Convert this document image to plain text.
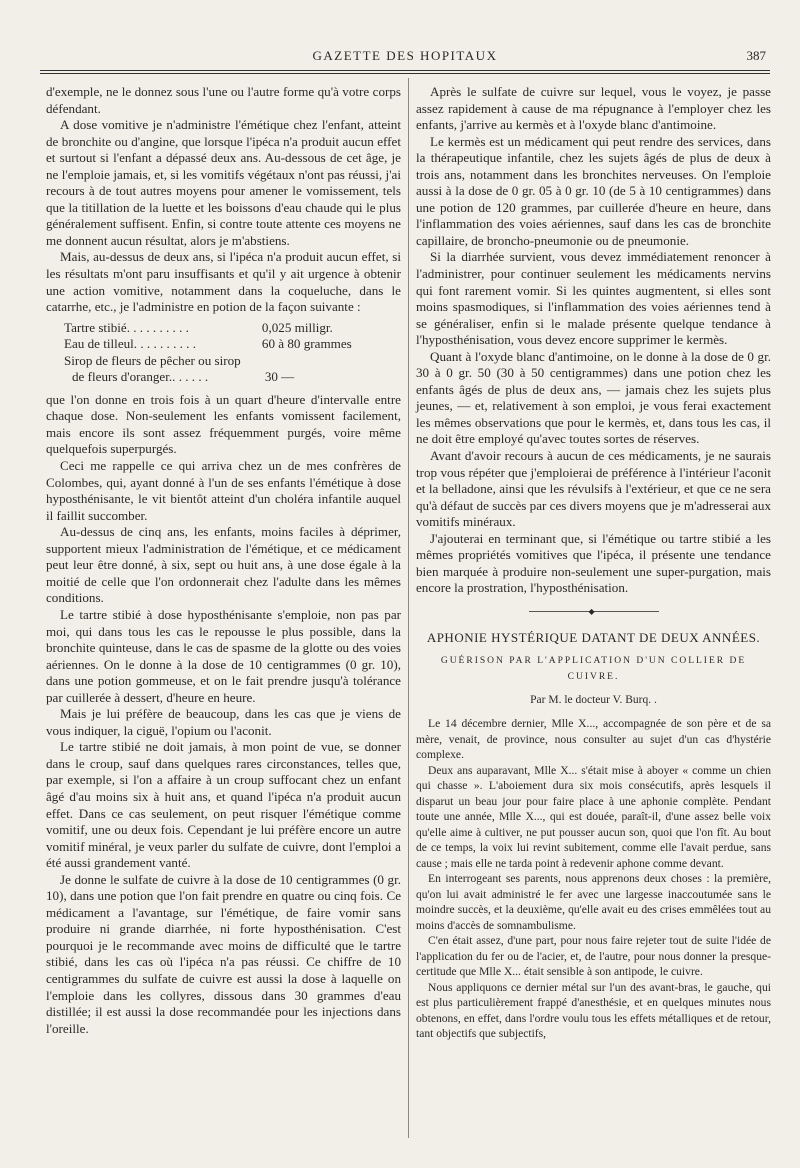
GAZETTE DES HOPITAUX	387

d'exemple, ne le donnez sous l'une ou l'autre forme qu'à votre corps défendant.

A dose vomitive je n'administre l'émétique chez l'enfant, atteint de bronchite ou d'angine, que lorsque l'ipéca n'a produit aucun effet et surtout si l'enfant a dépassé deux ans. Au-dessous de cet âge, je ne l'emploie jamais, et, si les vomitifs végétaux n'ont pas réussi, j'ai recours à de tout autres moyens pour amener le vomissement, tels que la titillation de la luette et les boissons d'eau chaude qui le plus généralement suffisent. Enfin, si contre toute attente ces moyens ne me donnent aucun résultat, alors je m'abstiens.

Mais, au-dessus de deux ans, si l'ipéca n'a produit aucun effet, si les résultats m'ont paru insuffisants et qu'il y ait urgence à obtenir une action vomitive, notamment dans la coqueluche, dans le catarrhe, etc., je l'administre en potion de la façon suivante :

Tartre stibié. . . . . . . . . .	0,025 milligr.
Eau de tilleul. . . . . . . . . .	60 à 80 grammes
Sirop de fleurs de pêcher ou sirop
de fleurs d'oranger.. . . . . .	30 —

que l'on donne en trois fois à un quart d'heure d'intervalle entre chaque dose. Non-seulement les enfants vomissent facilement, mais encore ils sont assez fréquemment purgés, voire même quelquefois superpurgés.

Ceci me rappelle ce qui arriva chez un de mes confrères de Colombes, qui, ayant donné à l'un de ses enfants l'émétique à dose hyposthénisante, le vit bientôt atteint d'un choléra infantile auquel il faillit succomber.

Au-dessus de cinq ans, les enfants, moins faciles à déprimer, supportent mieux l'administration de l'émétique, et ce médicament peut leur être donné, à six, sept ou huit ans, à une dose égale à la moitié de celle que l'on ordonnerait chez l'adulte dans les mêmes conditions.

Le tartre stibié à dose hyposthénisante s'emploie, non pas par moi, qui dans tous les cas le repousse le plus possible, dans la bronchite quinteuse, dans le cas de spasme de la glotte ou des voies aériennes. On le donne à la dose de 10 centigrammes (0 gr. 10), dans une potion gommeuse, et on le fait prendre jusqu'à tolérance par cuillerée à dessert, d'heure en heure.

Mais je lui préfère de beaucoup, dans les cas que je viens de vous indiquer, la ciguë, l'opium ou l'aconit.

Le tartre stibié ne doit jamais, à mon point de vue, se donner dans le croup, sauf dans quelques rares circonstances, telles que, par exemple, si l'on a affaire à un croup suffocant chez un enfant âgé d'au moins six à huit ans, et quand l'ipéca n'a produit aucun effet. Dans ce cas seulement, on peut risquer l'émétique comme vomitif, une ou deux fois. Cependant je lui préfère encore un autre vomitif minéral, je veux parler du sulfate de cuivre, dont l'emploi a été aussi grandement vanté.

Je donne le sulfate de cuivre à la dose de 10 centigrammes (0 gr. 10), dans une potion que l'on fait prendre en quatre ou cinq fois. Ce médicament a l'avantage, sur l'émétique, de faire vomir sans produire ni grande diarrhée, ni forte hyposthénisation. C'est pourquoi je le recommande avec moins de difficulté que le tartre stibié, dans les cas où l'ipéca n'a pas réussi. Ce chiffre de 10 centigrammes du sulfate de cuivre est aussi la dose à laquelle on l'emploie dans les collyres, dissous dans 30 grammes d'eau distillée; il est aussi la dose recommandée pour les injections dans l'oreille.

Après le sulfate de cuivre sur lequel, vous le voyez, je passe assez rapidement à cause de ma répugnance à l'employer chez les enfants, j'arrive au kermès et à l'oxyde blanc d'antimoine.

Le kermès est un médicament qui peut rendre des services, dans la thérapeutique infantile, chez les sujets âgés de plus de deux à trois ans, notamment dans les bronchites nerveuses. On l'emploie aussi à la dose de 0 gr. 05 à 0 gr. 10 (de 5 à 10 centigrammes) dans une potion de 120 grammes, par cuillerée d'heure en heure, dans l'inflammation des voies aériennes, sauf dans les cas de bronchite capillaire, de broncho-pneumonie ou de pneumonie.

Si la diarrhée survient, vous devez immédiatement renoncer à l'administrer, pour continuer seulement les médicaments nervins qui font rarement vomir. Si les quintes augmentent, si elles sont moins spasmodiques, si l'inflammation des voies aériennes tend à se généraliser, enfin si le malade présente quelque tendance à l'hyposthénisation, vous devez encore supprimer le kermès.

Quant à l'oxyde blanc d'antimoine, on le donne à la dose de 0 gr. 30 à 0 gr. 50 (30 à 50 centigrammes) dans une potion chez les enfants âgés de plus de deux ans, — jamais chez les sujets plus jeunes, — et, relativement à son emploi, je vous ferai exactement les mêmes observations que pour le kermès, et, dans tous les cas, il ne doit être employé qu'avec toutes sortes de réserves.

Avant d'avoir recours à aucun de ces médicaments, je ne saurais trop vous répéter que j'emploierai de préférence à l'intérieur l'aconit et la belladone, ainsi que les révulsifs à l'extérieur, et que ce ne sera qu'à défaut de succès par ces divers moyens que je m'adresserai aux vomitifs minéraux.

J'ajouterai en terminant que, si l'émétique ou tartre stibié a les mêmes propriétés vomitives que l'ipéca, il présente une tendance bien marquée à produire non-seulement une super-purgation, mais encore la prostration, l'hyposthénisation.

◆
APHONIE HYSTÉRIQUE DATANT DE DEUX ANNÉES.
GUÉRISON PAR L'APPLICATION D'UN COLLIER DE CUIVRE.
Par M. le docteur V. Burq. .

Le 14 décembre dernier, Mlle X..., accompagnée de son père et de sa mère, venait, de province, nous consulter au sujet d'un cas d'hystérie complexe.

Deux ans auparavant, Mlle X... s'était mise à aboyer « comme un chien qui chasse ». L'aboiement dura six mois consécutifs, après lesquels il disparut un beau jour pour faire place à une aphonie complète. Pendant toute une année, Mlle X..., qui est douée, paraît-il, d'une assez belle voix qu'elle aime à cultiver, ne put pousser aucun son, quoi que l'on fît. Au bout de ce temps, la voix lui revint subitement, comme elle l'avait perdue, sans cause ; mais elle ne tarda point à redevenir aphone comme devant.

En interrogeant ses parents, nous apprenons deux choses : la première, qu'on lui avait administré le fer avec une largesse inaccoutumée sans le moindre succès, et la deuxième, qu'elle avait eu des crises emmêlées tout au moins d'accès de somnambulisme.

C'en était assez, d'une part, pour nous faire rejeter tout de suite l'idée de l'application du fer ou de l'acier, et, de l'autre, pour nous donner la presque-certitude que Mlle X... était sensible à son antipode, le cuivre.

Nous appliquons ce dernier métal sur l'un des avant-bras, le gauche, qui est plus particulièrement frappé d'anesthésie, et en quelques minutes nous obtenons, en effet, dans l'ordre voulu tous les effets métalliques et de retour, tant objectifs que subjectifs,
